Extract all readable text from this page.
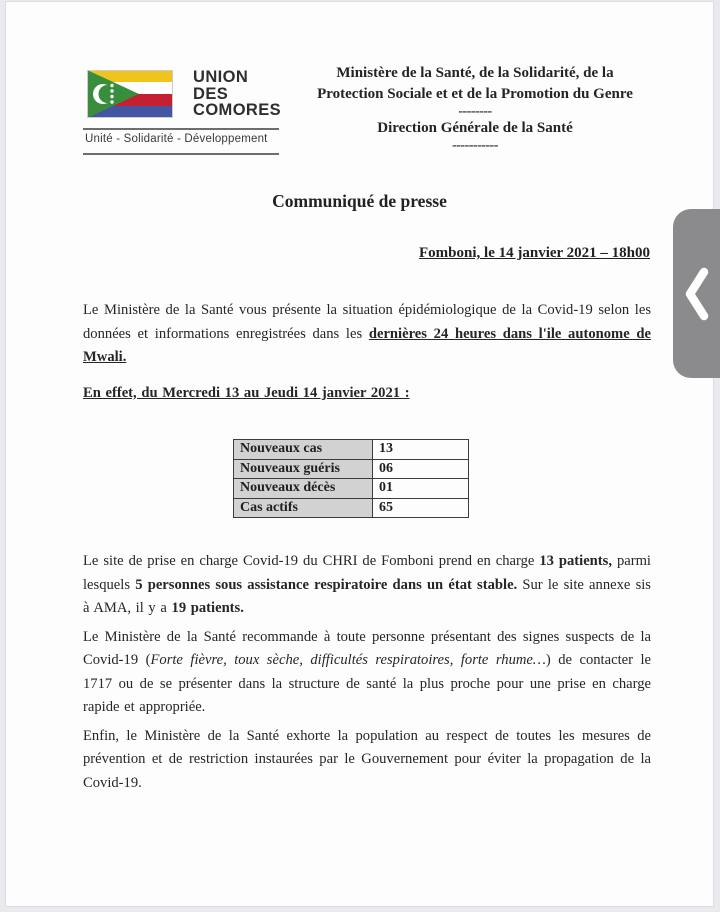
UNION
DES
COMORES
Unité - Solidarité - Développement
Ministère de la Santé, de la Solidarité, de la
Protection Sociale et et de la Promotion du Genre
--------
Direction Générale de la Santé
-----------
Communiqué de presse
Fomboni, le 14 janvier 2021 – 18h00

Le Ministère de la Santé vous présente la situation épidémiologique de la Covid-19 selon les données et informations enregistrées dans les dernières 24 heures dans l'ile autonome de Mwali.

En effet, du Mercredi 13 au Jeudi 14 janvier 2021 :

Nouveaux cas	13
Nouveaux guéris	06
Nouveaux décès	01
Cas actifs	65

Le site de prise en charge Covid-19 du CHRI de Fomboni prend en charge 13 patients, parmi lesquels 5 personnes sous assistance respiratoire dans un état stable. Sur le site annexe sis à AMA, il y a 19 patients.

Le Ministère de la Santé recommande à toute personne présentant des signes suspects de la Covid-19 (Forte fièvre, toux sèche, difficultés respiratoires, forte rhume…) de contacter le 1717 ou de se présenter dans la structure de santé la plus proche pour une prise en charge rapide et appropriée.

Enfin, le Ministère de la Santé exhorte la population au respect de toutes les mesures de prévention et de restriction instaurées par le Gouvernement pour éviter la propagation de la Covid-19.
